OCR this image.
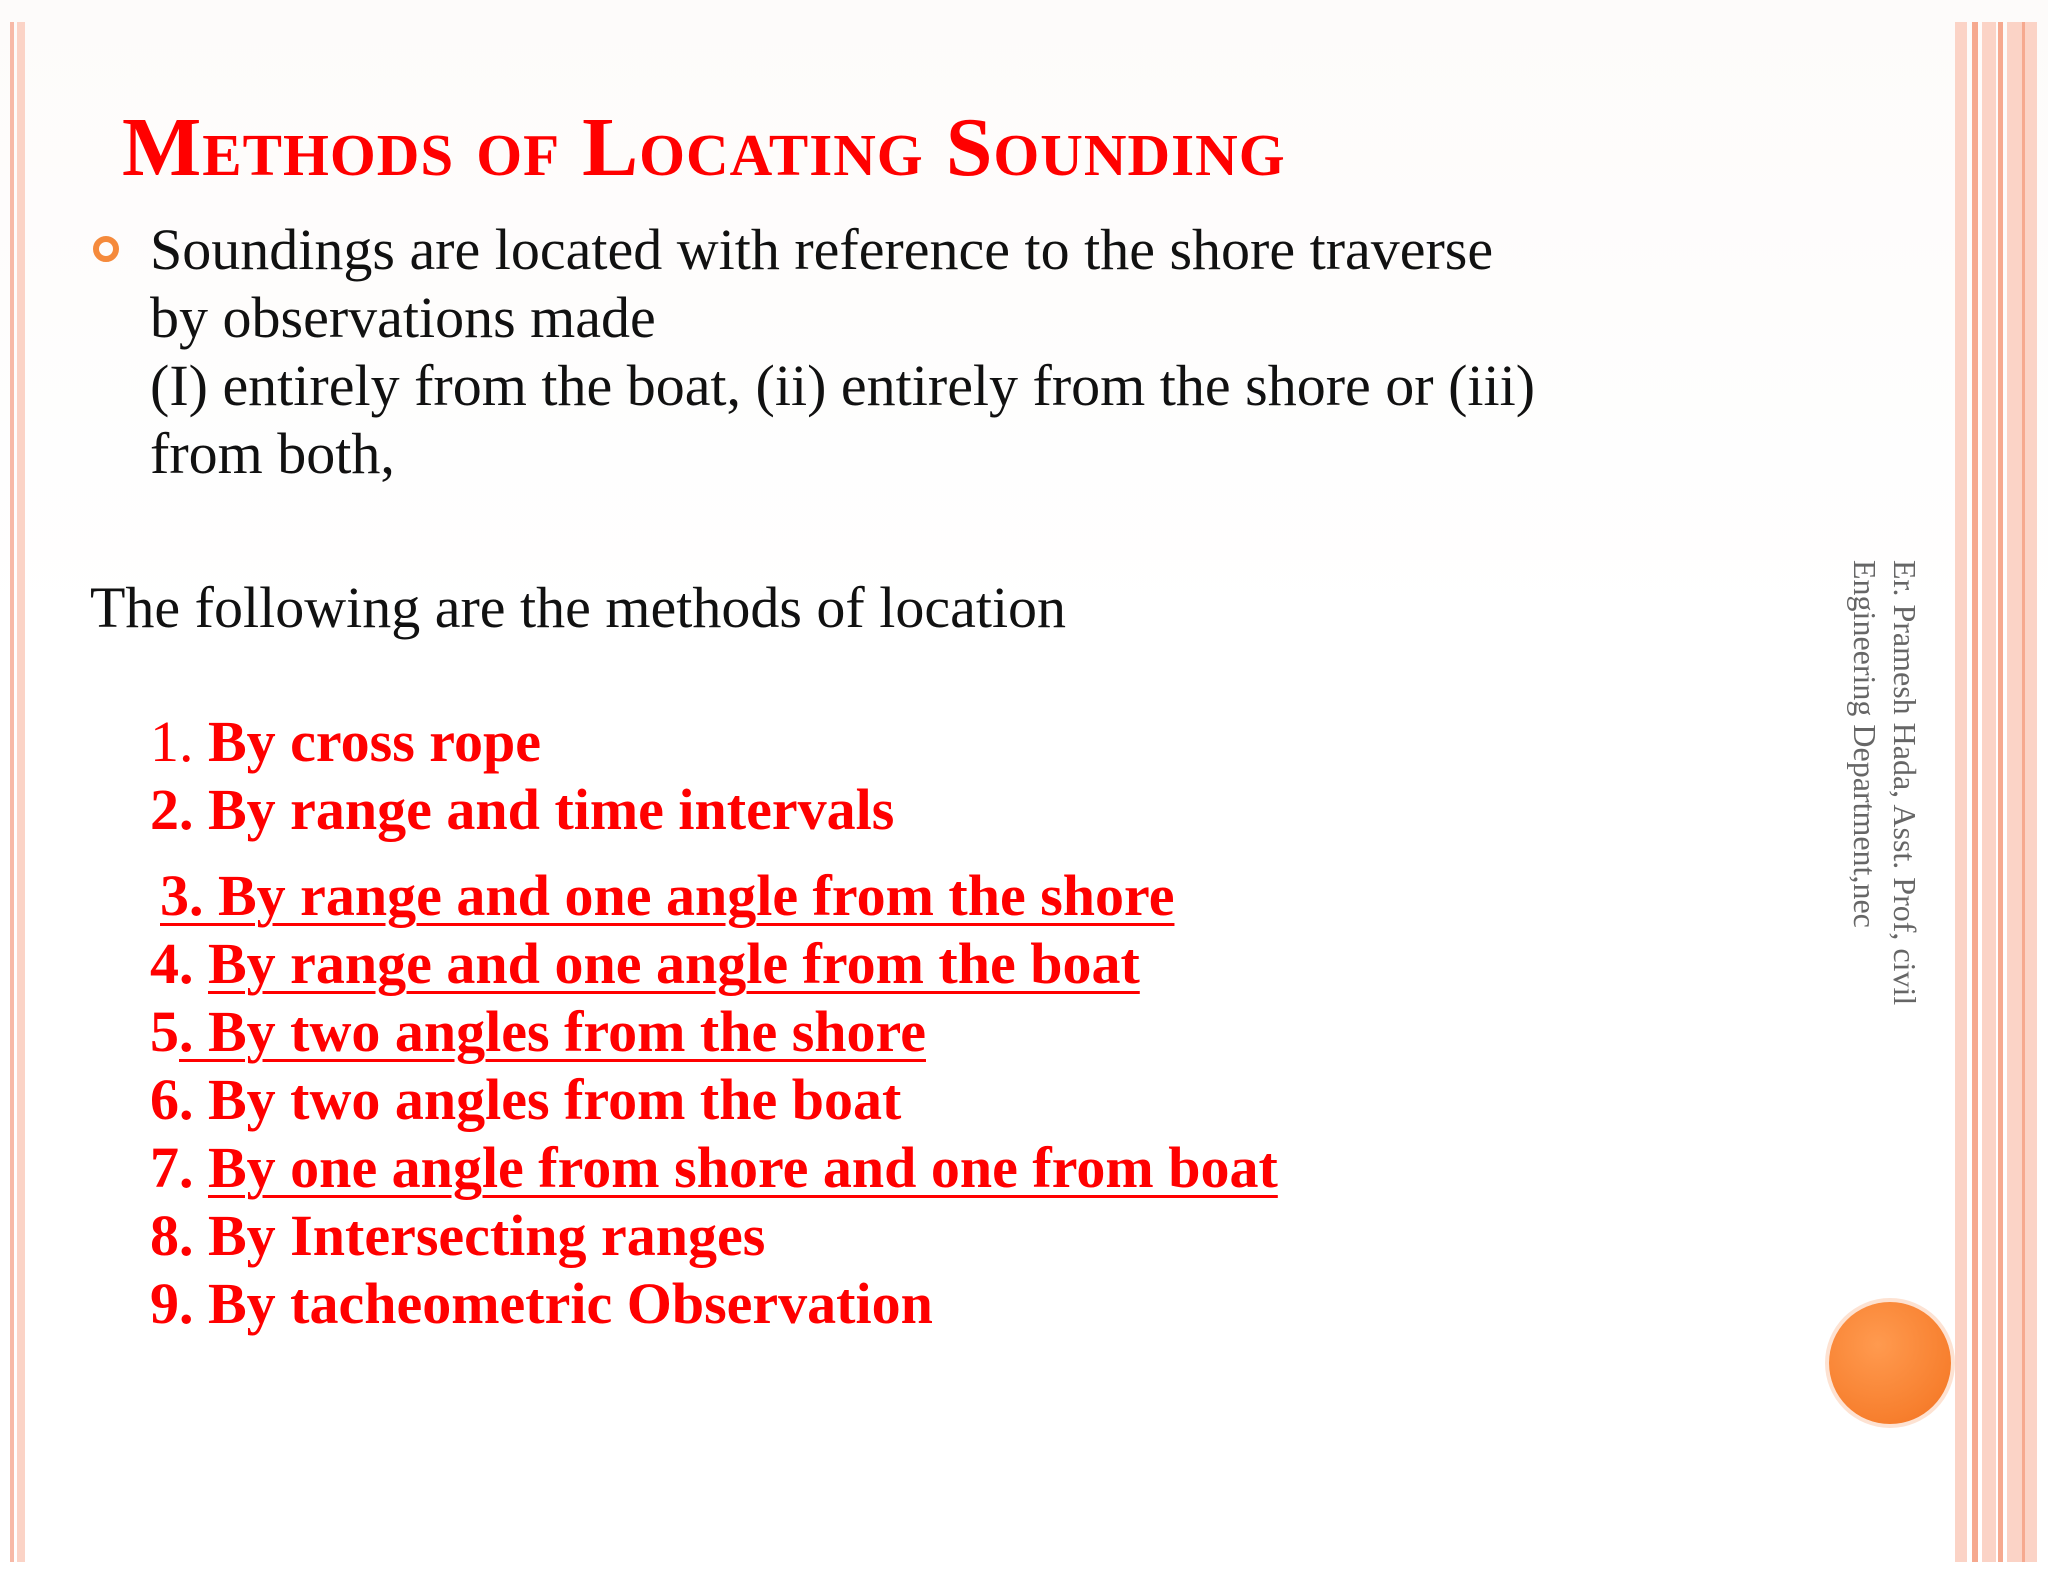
Methods of Locating Sounding

Soundings are located with reference to the shore traverse
by observations made
(I) entirely from the boat, (ii) entirely from the shore or (iii)
from both,

The following are the methods of location

1. By cross rope
2. By range and time intervals
3. By range and one angle from the shore
4. By range and one angle from the boat
5. By two angles from the shore
6. By two angles from the boat
7. By one angle from shore and one from boat
8. By Intersecting ranges
9. By tacheometric Observation
Er. Pramesh Hada, Asst. Prof, civil
Engineering Department,nec
